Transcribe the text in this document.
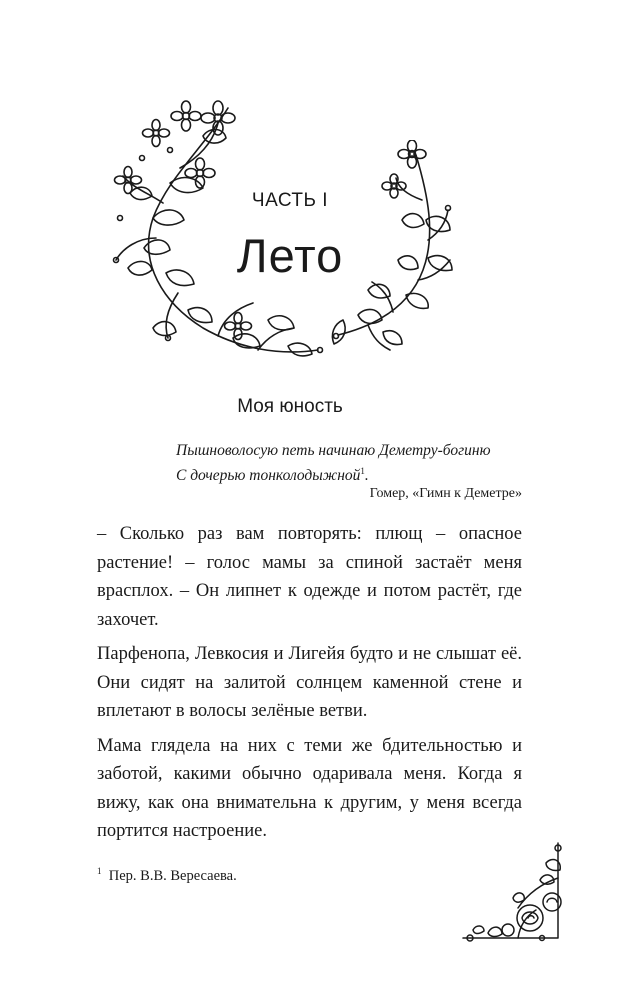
ЧАСТЬ I
Лето
Моя юность
Пышноволосую петь начинаю Деметру-богиню
С дочерью тонколодыжной$^1$.
Гомер, «Гимн к Деметре»

– Сколько раз вам повторять: плющ – опасное растение! – голос мамы за спиной застаёт меня врасплох. – Он липнет к одежде и потом растёт, где захочет.

Парфенопа, Левкосия и Лигейя будто и не слышат её. Они сидят на залитой солнцем каменной стене и вплетают в волосы зелёные ветви.

Мама глядела на них с теми же бдительностью и заботой, какими обычно одаривала меня. Когда я вижу, как она внимательна к другим, у меня всегда портится настроение.

$^1$ Пер. В.В. Вересаева.
